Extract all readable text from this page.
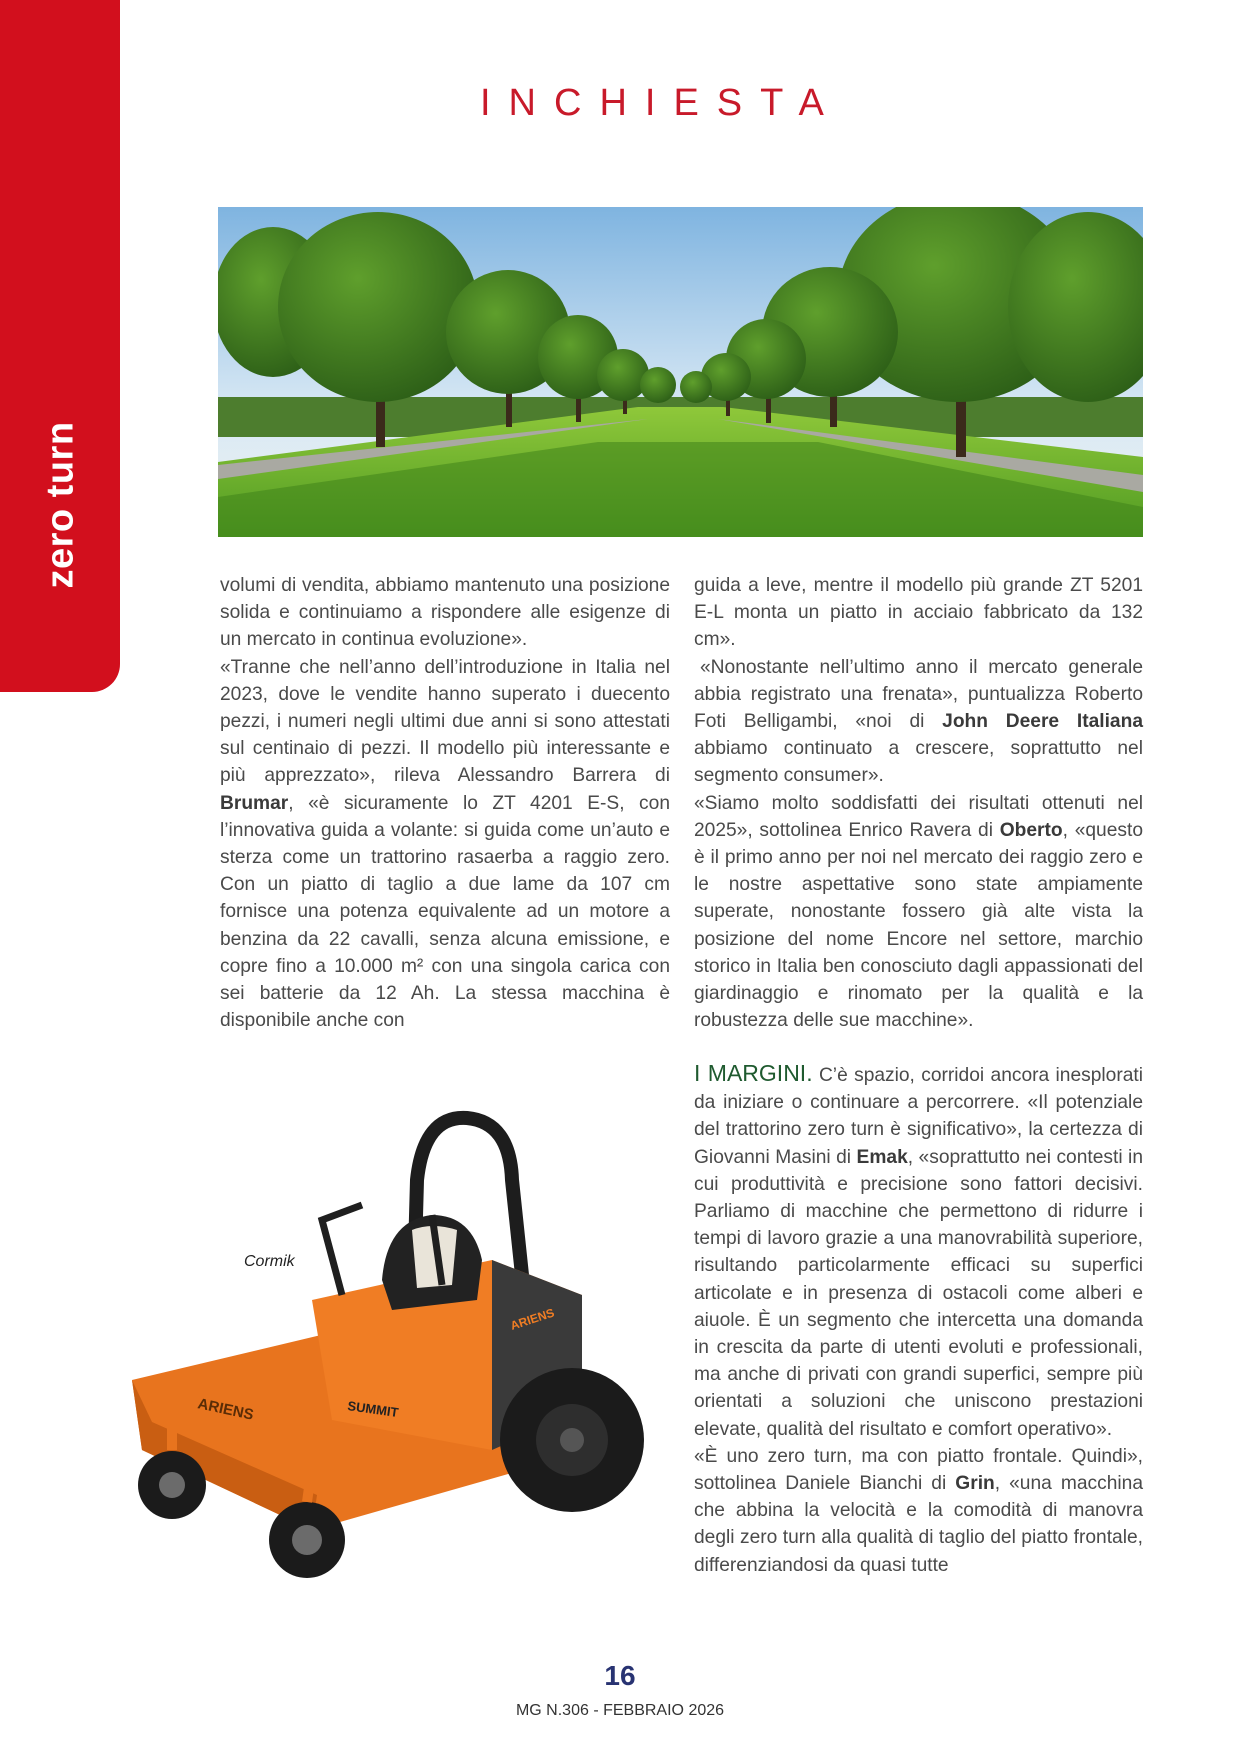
zero turn
INCHIESTA

volumi di vendita, abbiamo mantenuto una posizione solida e continuiamo a rispondere alle esigenze di un mercato in continua evoluzione».

«Tranne che nell’anno dell’introduzione in Italia nel 2023, dove le vendite hanno superato i duecento pezzi, i numeri negli ultimi due anni si sono attestati sul centinaio di pezzi. Il modello più interessante e più apprezzato», rileva Alessandro Barrera di Brumar, «è sicuramente lo ZT 4201 E-S, con l’innovativa guida a volante: si guida come un’auto e sterza come un trattorino rasaerba a raggio zero. Con un piatto di taglio a due lame da 107 cm fornisce una potenza equivalente ad un motore a benzina da 22 cavalli, senza alcuna emissione, e copre fino a 10.000 m² con una singola carica con sei batterie da 12 Ah. La stessa macchina è disponibile anche con

guida a leve, mentre il modello più grande ZT 5201 E-L monta un piatto in acciaio fabbricato da 132 cm».

«Nonostante nell’ultimo anno il mercato generale abbia registrato una frenata», puntualizza Roberto Foti Belligambi, «noi di John Deere Italiana abbiamo continuato a crescere, soprattutto nel segmento consumer».

«Siamo molto soddisfatti dei risultati ottenuti nel 2025», sottolinea Enrico Ravera di Oberto, «questo è il primo anno per noi nel mercato dei raggio zero e le nostre aspettative sono state ampiamente superate, nonostante fossero già alte vista la posizione del nome Encore nel settore, marchio storico in Italia ben conosciuto dagli appassionati del giardinaggio e rinomato per la qualità e la robustezza delle sue macchine».

I MARGINI. C’è spazio, corridoi ancora inesplorati da iniziare o continuare a percorrere. «Il potenziale del trattorino zero turn è significativo», la certezza di Giovanni Masini di Emak, «soprattutto nei contesti in cui produttività e precisione sono fattori decisivi. Parliamo di macchine che permettono di ridurre i tempi di lavoro grazie a una manovrabilità superiore, risultando particolarmente efficaci su superfici articolate e in presenza di ostacoli come alberi e aiuole. È un segmento che intercetta una domanda in crescita da parte di utenti evoluti e professionali, ma anche di privati con grandi superfici, sempre più orientati a soluzioni che uniscono prestazioni elevate, qualità del risultato e comfort operativo».

«È uno zero turn, ma con piatto frontale. Quindi», sottolinea Daniele Bianchi di Grin, «una macchina che abbina la velocità e la comodità di manovra degli zero turn alla qualità di taglio del piatto frontale, differenziandosi da quasi tutte

ARIENS	SUMMIT
ARIENS
Cormik
16
MG N.306 - FEBBRAIO 2026
